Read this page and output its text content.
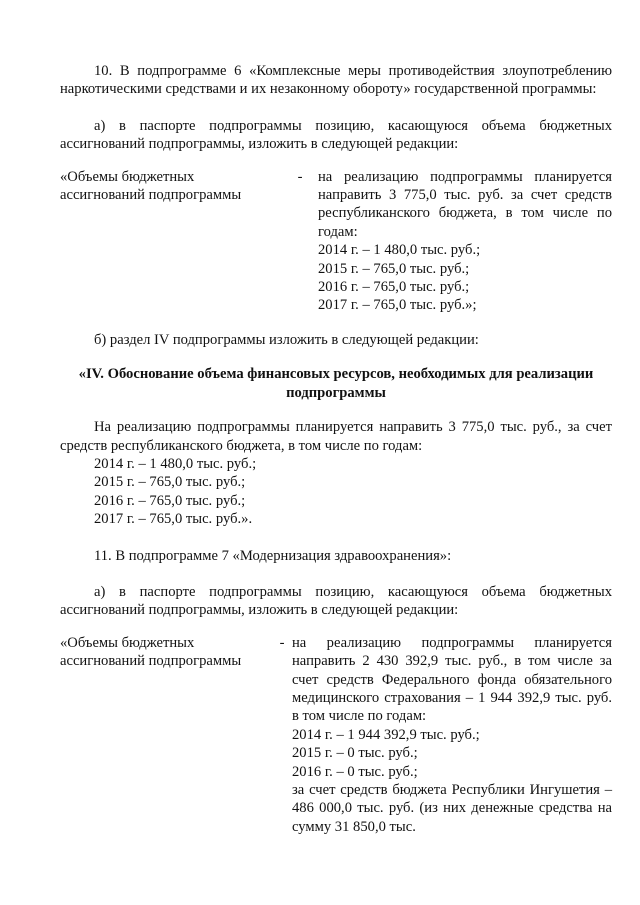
10. В подпрограмме 6 «Комплексные меры противодействия злоупотреблению наркотическими средствами и их незаконному обороту» государственной программы:

а) в паспорте подпрограммы позицию, касающуюся объема бюджетных ассигнований подпрограммы, изложить в следующей редакции:

«Объемы бюджетных ассигнований подпрограммы
-	на реализацию подпрограммы планируется направить 3 775,0 тыс. руб. за счет средств республиканского бюджета, в том числе по годам:
2014 г. – 1 480,0 тыс. руб.;
2015 г. – 765,0 тыс. руб.;
2016 г. – 765,0 тыс. руб.;
2017 г. – 765,0 тыс. руб.»;

б) раздел IV подпрограммы изложить в следующей редакции:

«IV. Обоснование объема финансовых ресурсов, необходимых для реализации подпрограммы

На реализацию подпрограммы планируется направить 3 775,0 тыс. руб., за счет средств республиканского бюджета, в том числе по годам:

2014 г. – 1 480,0 тыс. руб.;
2015 г. – 765,0 тыс. руб.;
2016 г. – 765,0 тыс. руб.;
2017 г. – 765,0 тыс. руб.».

11. В подпрограмме 7 «Модернизация здравоохранения»:

а) в паспорте подпрограммы позицию, касающуюся объема бюджетных ассигнований подпрограммы, изложить в следующей редакции:

«Объемы бюджетных ассигнований подпрограммы
- на реализацию подпрограммы планируется направить 2 430 392,9 тыс. руб., в том числе за счет средств Федерального фонда обязательного медицинского страхования – 1 944 392,9 тыс. руб. в том числе по годам:
2014 г. – 1 944 392,9 тыс. руб.;
2015 г. – 0 тыс. руб.;
2016 г. – 0 тыс. руб.;
за счет средств бюджета Республики Ингушетия – 486 000,0 тыс. руб. (из них денежные средства на сумму 31 850,0 тыс.
